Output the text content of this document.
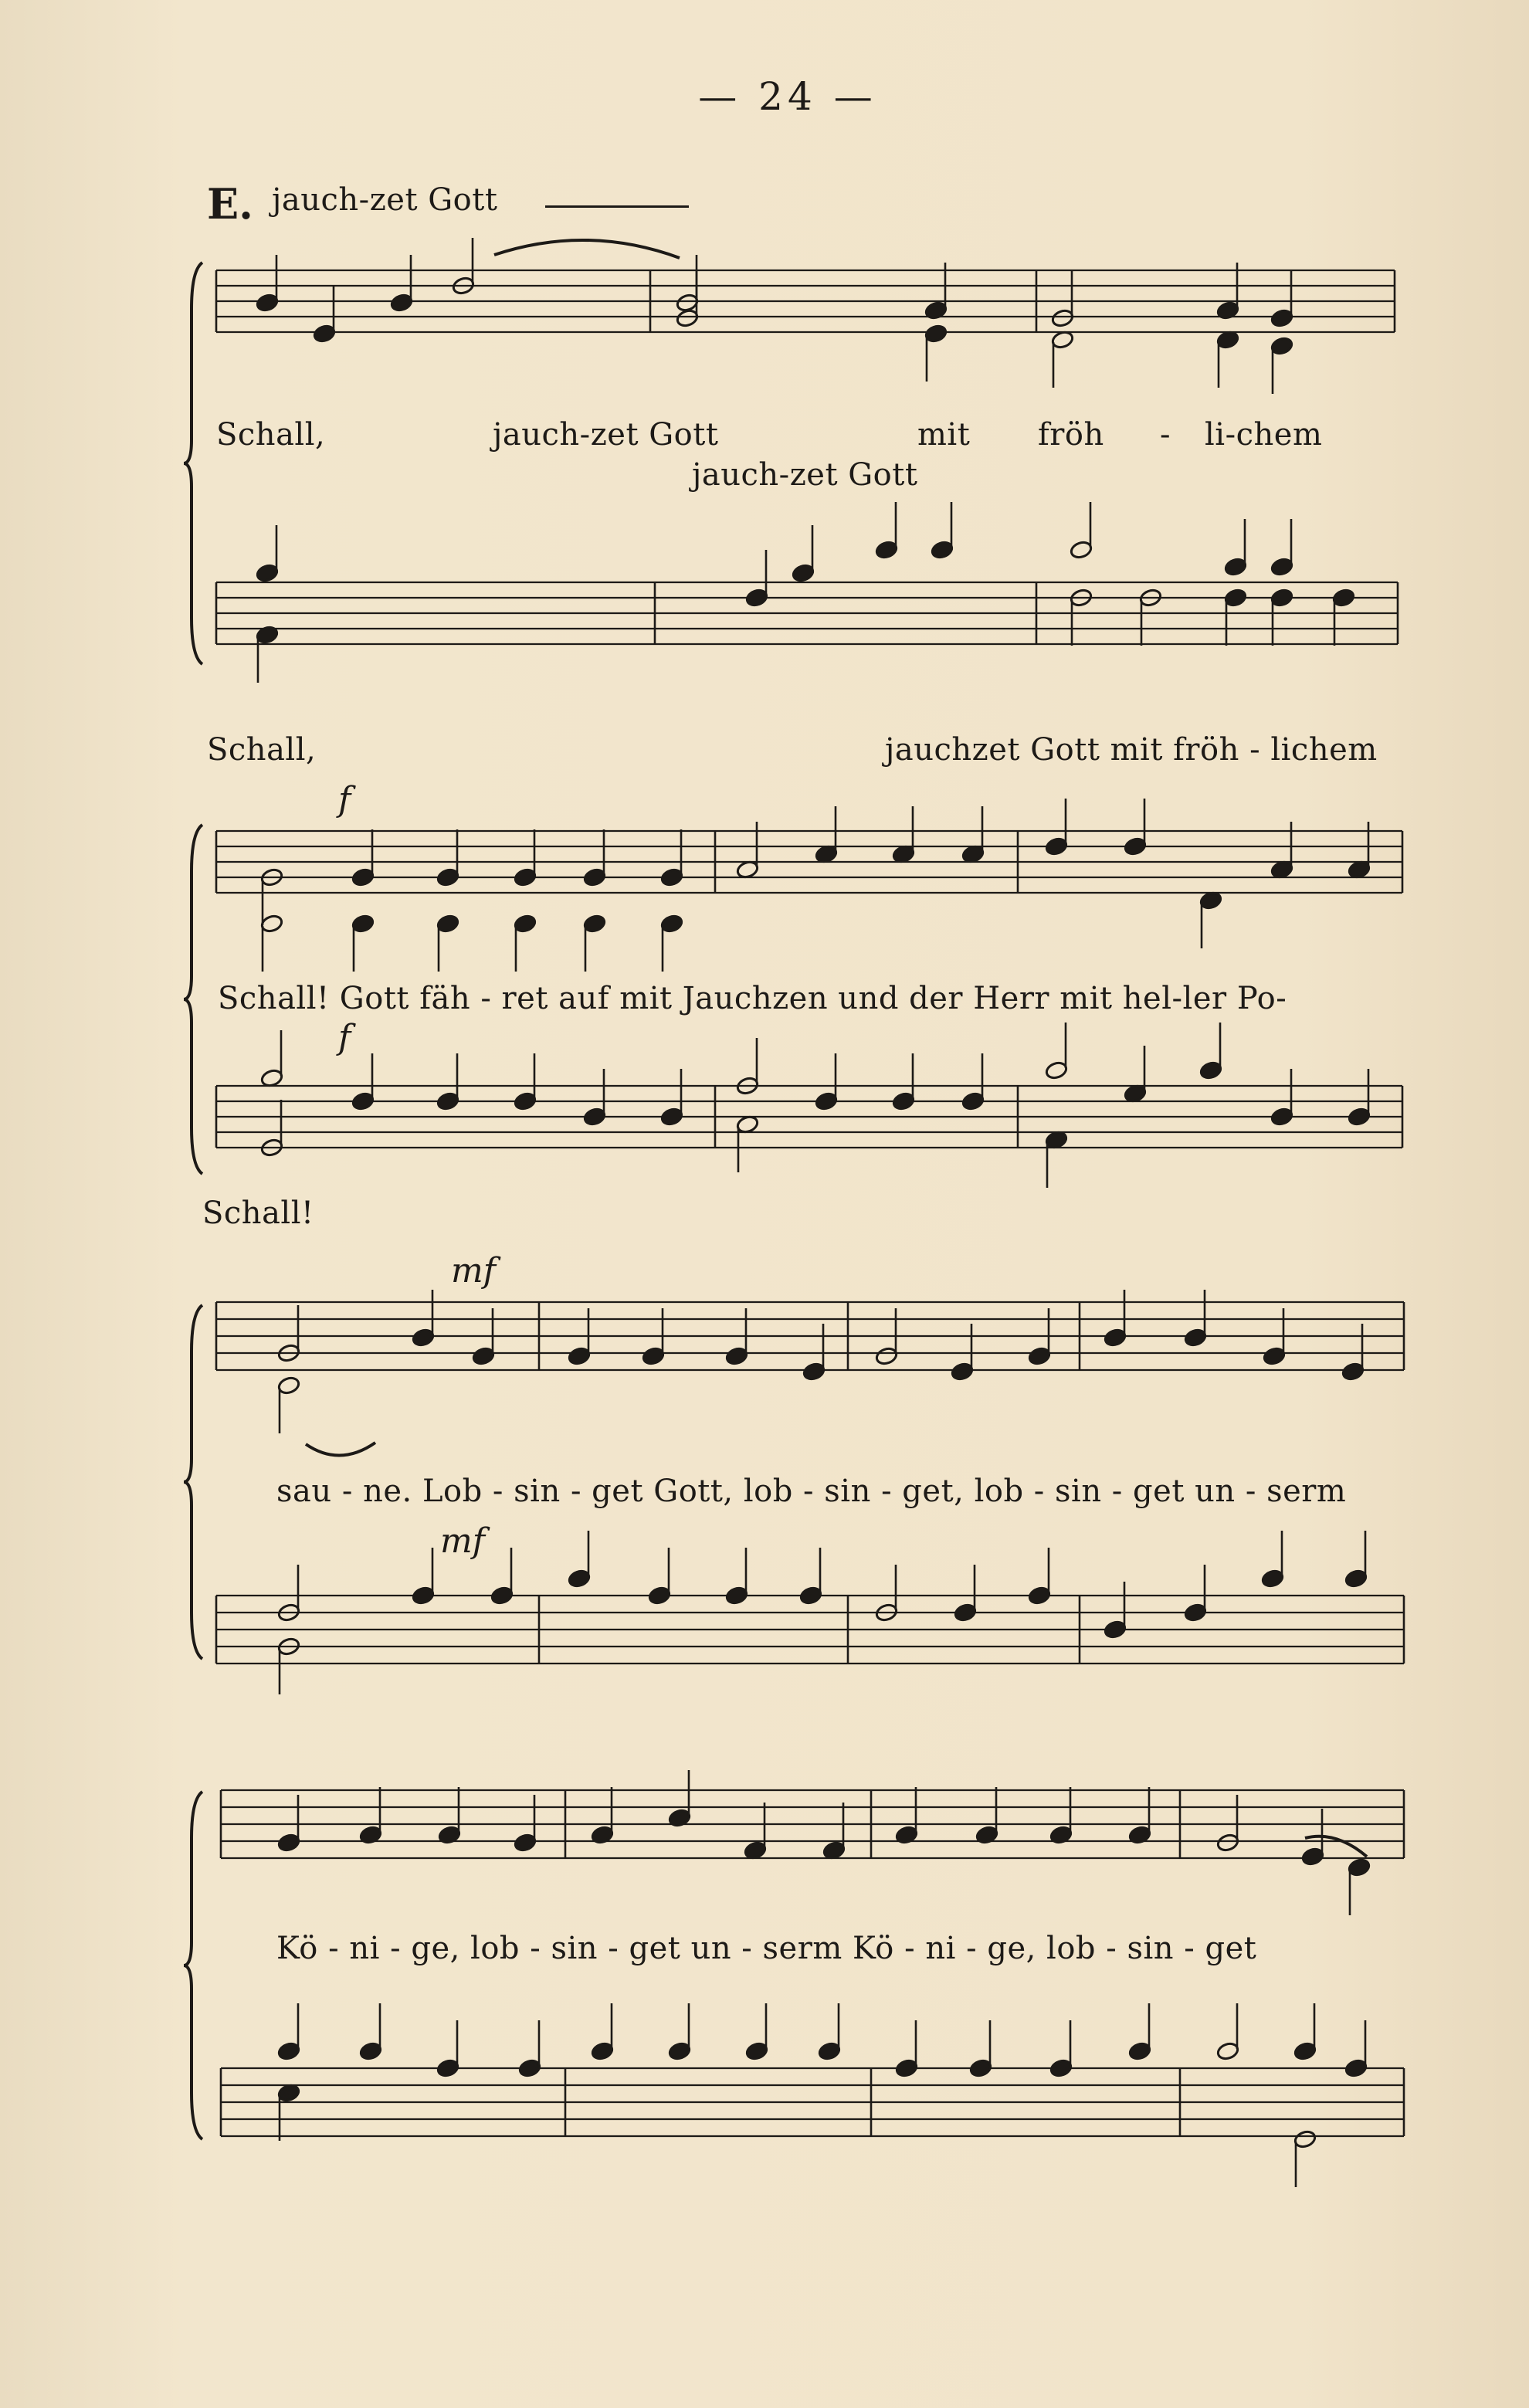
— 24 —
E. jauch-zet Gott
Schall,	jauch-zet Gott	mit fröh - li-chem
jauch-zet Gott
Schall,	jauchzet Gott mit fröh - lichem
f
Schall! Gott fäh - ret auf mit Jauchzen und der Herr mit hel-ler Po-
f
Schall!
mf
sau - ne. Lob - sin - get Gott, lob - sin - get, lob - sin - get un - serm
mf
Kö - ni - ge, lob - sin - get un - serm Kö - ni - ge, lob - sin - get
